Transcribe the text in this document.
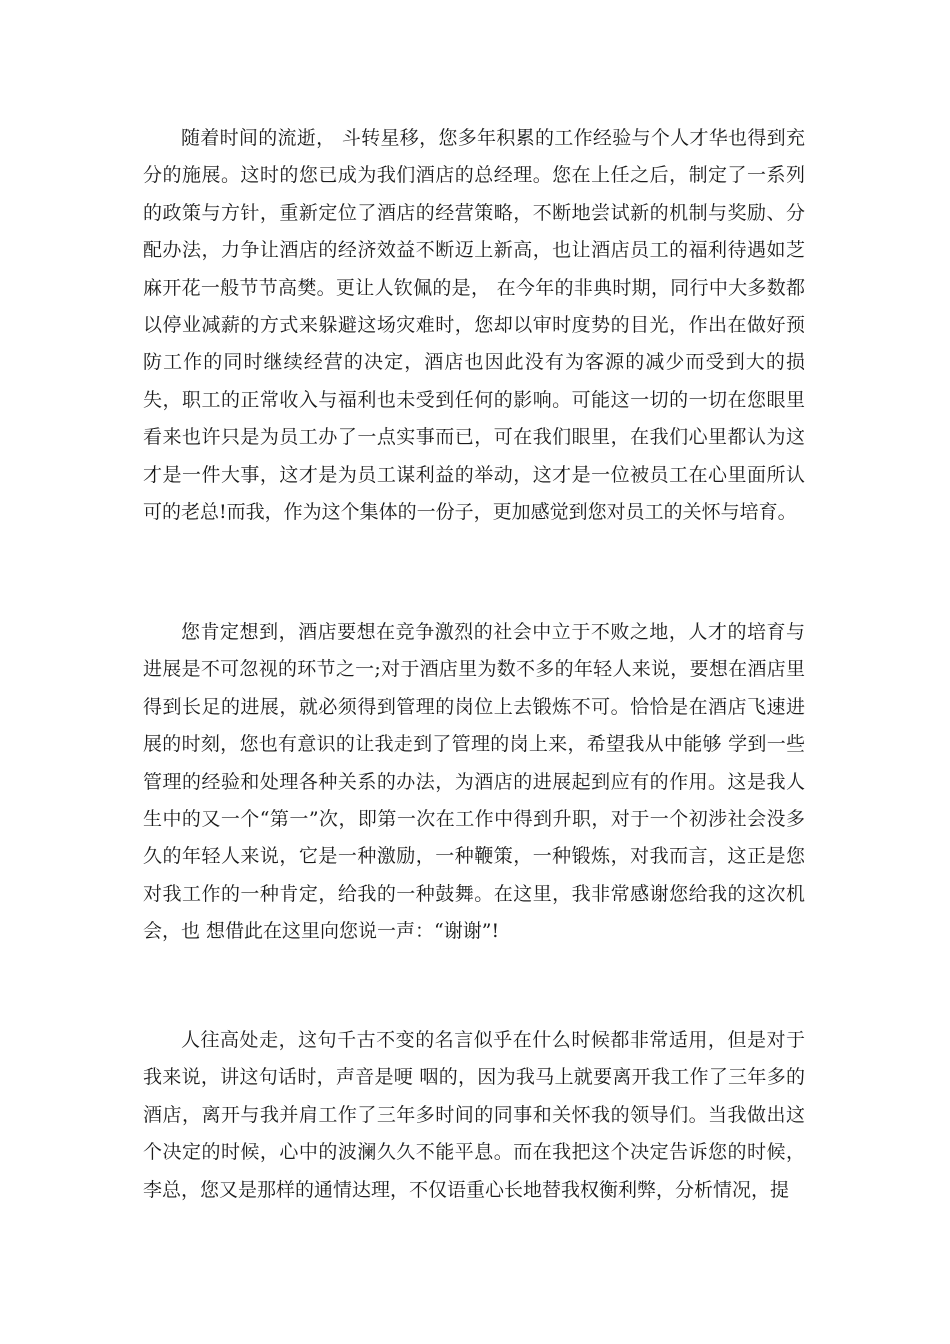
随着时间的流逝， 斗转星移，您多年积累的工作经验与个人才华也得到充分的施展。这时的您已成为我们酒店的总经理。您在上任之后，制定了一系列的政策与方针，重新定位了酒店的经营策略，不断地尝试新的机制与奖励、分配办法，力争让酒店的经济效益不断迈上新高，也让酒店员工的福利待遇如芝麻开花一般节节高樊。更让人钦佩的是， 在今年的非典时期，同行中大多数都以停业减薪的方式来躲避这场灾难时，您却以审时度势的目光，作出在做好预防工作的同时继续经营的决定，酒店也因此没有为客源的减少而受到大的损失，职工的正常收入与福利也未受到任何的影响。可能这一切的一切在您眼里看来也许只是为员工办了一点实事而已，可在我们眼里，在我们心里都认为这才是一件大事，这才是为员工谋利益的举动，这才是一位被员工在心里面所认可的老总!而我，作为这个集体的一份子，更加感觉到您对员工的关怀与培育。

您肯定想到，酒店要想在竞争激烈的社会中立于不败之地，人才的培育与进展是不可忽视的环节之一;对于酒店里为数不多的年轻人来说，要想在酒店里得到长足的进展，就必须得到管理的岗位上去锻炼不可。恰恰是在酒店飞速进展的时刻，您也有意识的让我走到了管理的岗上来，希望我从中能够 学到一些管理的经验和处理各种关系的办法，为酒店的进展起到应有的作用。这是我人生中的又一个“第一”次，即第一次在工作中得到升职，对于一个初涉社会没多久的年轻人来说，它是一种激励，一种鞭策，一种锻炼，对我而言，这正是您对我工作的一种肯定，给我的一种鼓舞。在这里，我非常感谢您给我的这次机会，也 想借此在这里向您说一声：“谢谢”!

人往高处走，这句千古不变的名言似乎在什么时候都非常适用，但是对于我来说，讲这句话时，声音是哽 咽的，因为我马上就要离开我工作了三年多的酒店，离开与我并肩工作了三年多时间的同事和关怀我的领导们。当我做出这个决定的时候，心中的波澜久久不能平息。而在我把这个决定告诉您的时候，李总，您又是那样的通情达理，不仅语重心长地替我权衡利弊，分析情况，提
